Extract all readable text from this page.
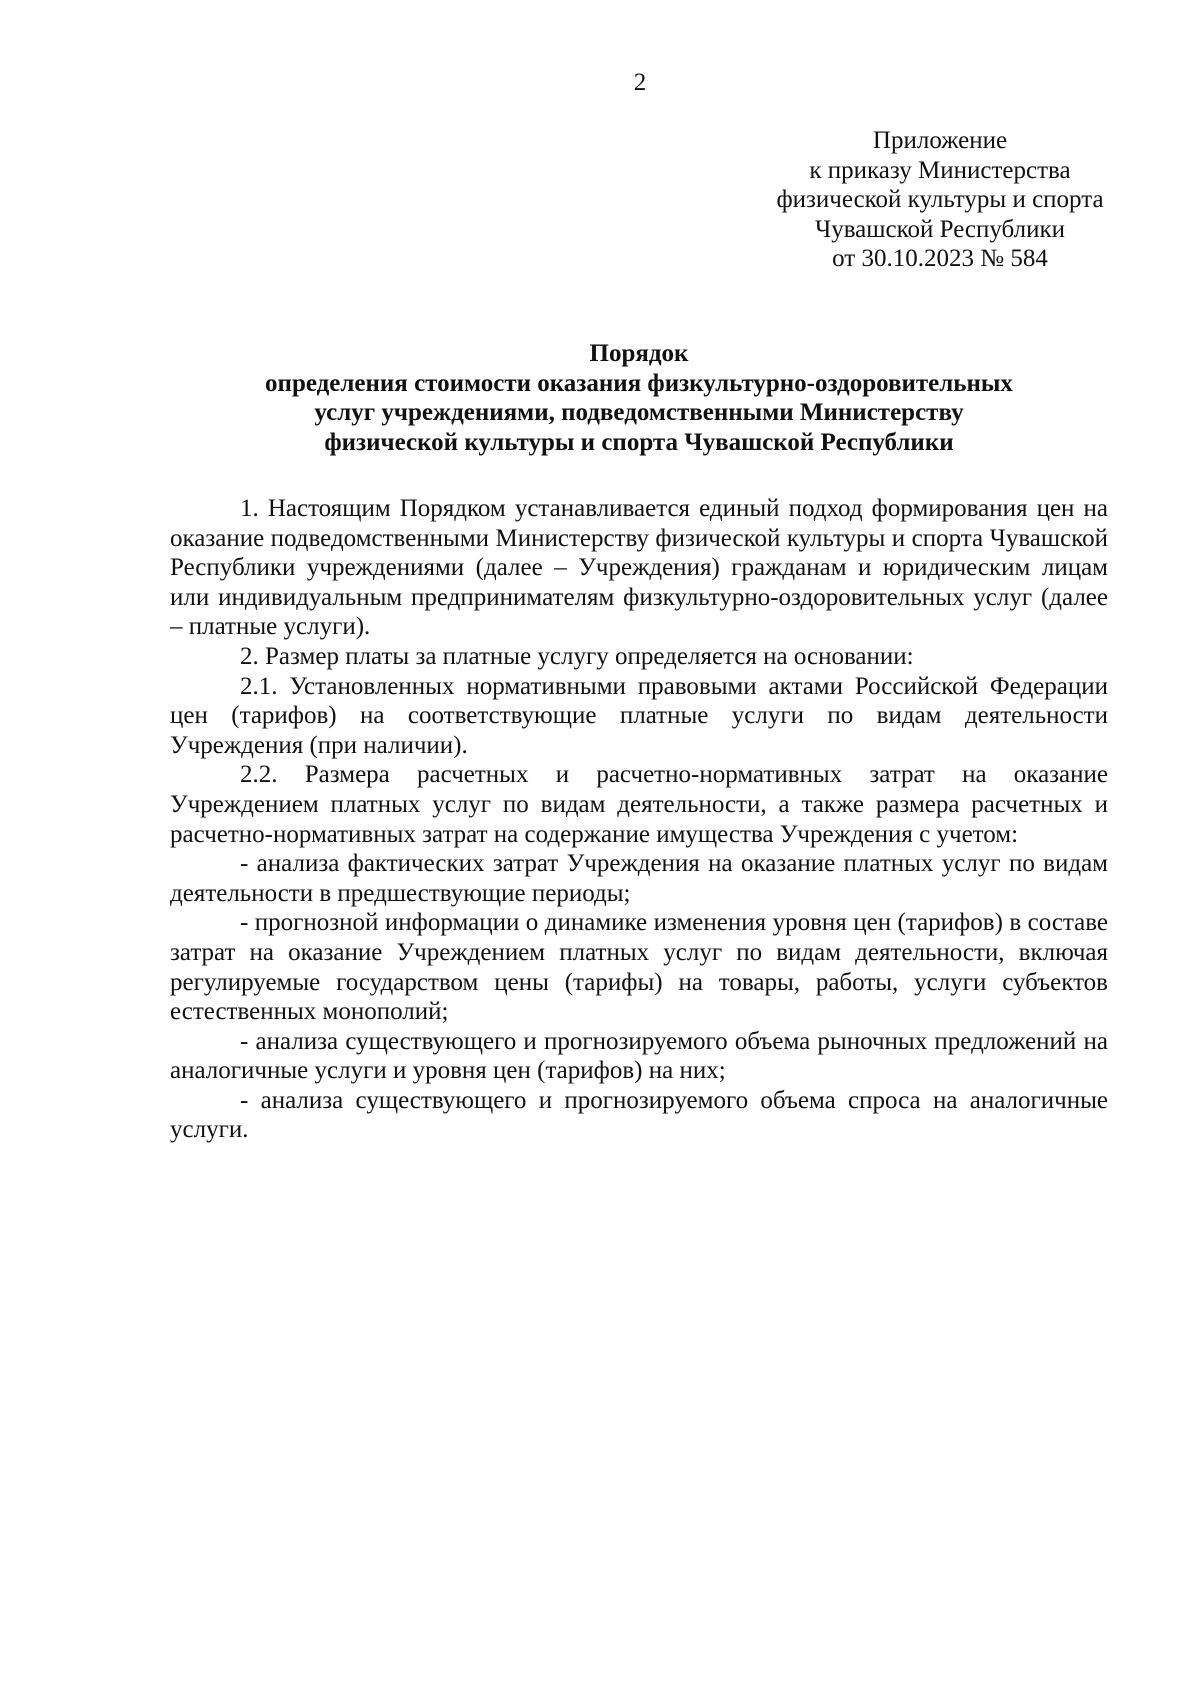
2
Приложение
к приказу Министерства
физической культуры и спорта
Чувашской Республики
от 30.10.2023 № 584
Порядок
определения стоимости оказания физкультурно-оздоровительных
услуг учреждениями, подведомственными Министерству
физической культуры и спорта Чувашской Республики

1. Настоящим Порядком устанавливается единый подход формирования цен на оказание подведомственными Министерству физической культуры и спорта Чувашской Республики учреждениями (далее – Учреждения) гражданам и юридическим лицам или индивидуальным предпринимателям физкультурно-оздоровительных услуг (далее – платные услуги).

2. Размер платы за платные услугу определяется на основании:

2.1. Установленных нормативными правовыми актами Российской Федерации цен (тарифов) на соответствующие платные услуги по видам деятельности Учреждения (при наличии).

2.2. Размера расчетных и расчетно-нормативных затрат на оказание Учреждением платных услуг по видам деятельности, а также размера расчетных и расчетно-нормативных затрат на содержание имущества Учреждения с учетом:

- анализа фактических затрат Учреждения на оказание платных услуг по видам деятельности в предшествующие периоды;

- прогнозной информации о динамике изменения уровня цен (тарифов) в составе затрат на оказание Учреждением платных услуг по видам деятельности, включая регулируемые государством цены (тарифы) на товары, работы, услуги субъектов естественных монополий;

- анализа существующего и прогнозируемого объема рыночных предложений на аналогичные услуги и уровня цен (тарифов) на них;

- анализа существующего и прогнозируемого объема спроса на аналогичные услуги.
